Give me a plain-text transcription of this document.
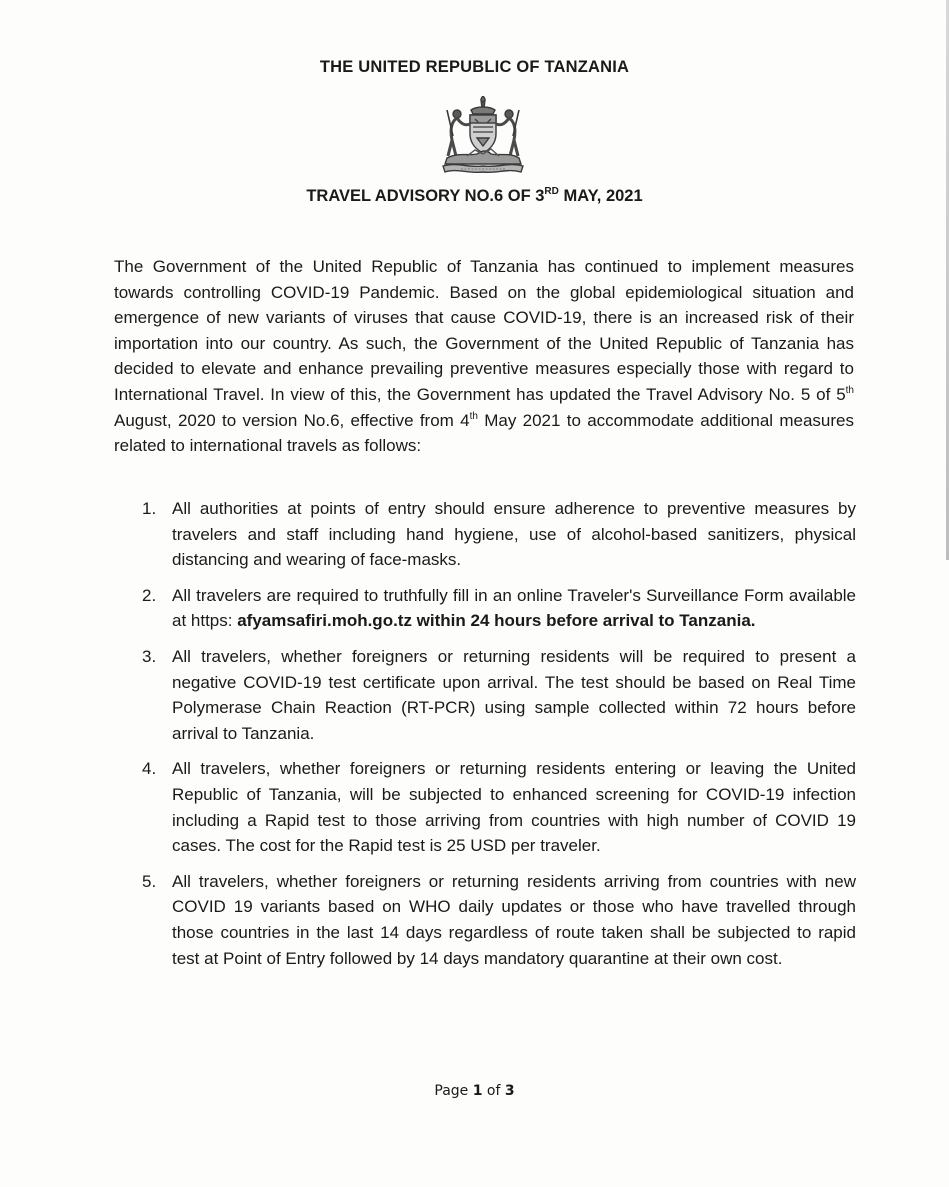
THE UNITED REPUBLIC OF TANZANIA
TRAVEL ADVISORY NO.6 OF 3RD MAY, 2021
The Government of the United Republic of Tanzania has continued to implement measures towards controlling COVID-19 Pandemic. Based on the global epidemiological situation and emergence of new variants of viruses that cause COVID-19, there is an increased risk of their importation into our country. As such, the Government of the United Republic of Tanzania has decided to elevate and enhance prevailing preventive measures especially those with regard to International Travel. In view of this, the Government has updated the Travel Advisory No. 5 of 5th August, 2020 to version No.6, effective from 4th May 2021 to accommodate additional measures related to international travels as follows:
1. All authorities at points of entry should ensure adherence to preventive measures by travelers and staff including hand hygiene, use of alcohol-based sanitizers, physical distancing and wearing of face-masks.
2. All travelers are required to truthfully fill in an online Traveler's Surveillance Form available at https: afyamsafiri.moh.go.tz within 24 hours before arrival to Tanzania.
3. All travelers, whether foreigners or returning residents will be required to present a negative COVID-19 test certificate upon arrival. The test should be based on Real Time Polymerase Chain Reaction (RT-PCR) using sample collected within 72 hours before arrival to Tanzania.
4. All travelers, whether foreigners or returning residents entering or leaving the United Republic of Tanzania, will be subjected to enhanced screening for COVID-19 infection including a Rapid test to those arriving from countries with high number of COVID 19 cases. The cost for the Rapid test is 25 USD per traveler.
5. All travelers, whether foreigners or returning residents arriving from countries with new COVID 19 variants based on WHO daily updates or those who have travelled through those countries in the last 14 days regardless of route taken shall be subjected to rapid test at Point of Entry followed by 14 days mandatory quarantine at their own cost.
Page 1 of 3
